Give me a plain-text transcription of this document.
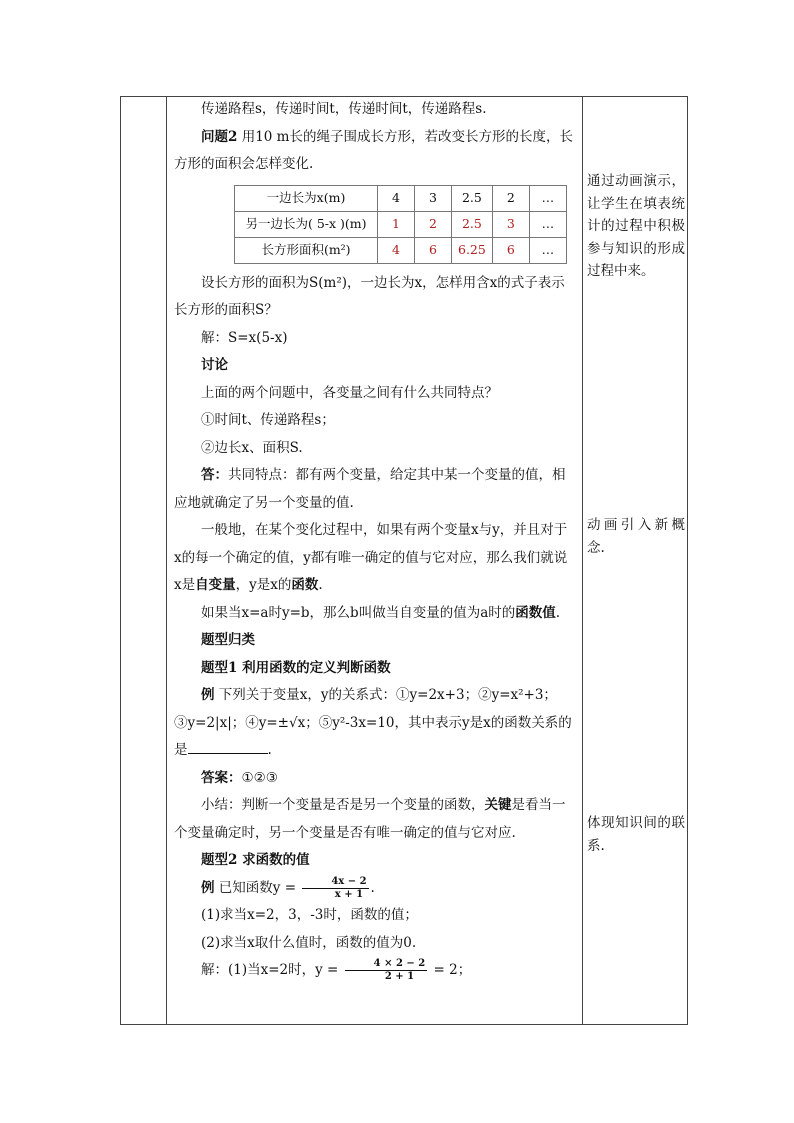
传递路程s，传递时间t，传递时间t，传递路程s.

问题2 用10 m长的绳子围成长方形，若改变长方形的长度，长方形的面积会怎样变化.

一边长为x(m)	4	3	2.5	2	…
另一边长为( 5-x )(m)	1	2	2.5	3	…
长方形面积(m²)	4	6	6.25	6	…

设长方形的面积为S(m²)，一边长为x，怎样用含x的式子表示长方形的面积S？

解：S=x(5-x)

讨论

上面的两个问题中，各变量之间有什么共同特点？

①时间t、传递路程s；

②边长x、面积S.

答：共同特点：都有两个变量，给定其中某一个变量的值，相应地就确定了另一个变量的值.

一般地，在某个变化过程中，如果有两个变量x与y，并且对于x的每一个确定的值，y都有唯一确定的值与它对应，那么我们就说x是自变量，y是x的函数.

如果当x=a时y=b，那么b叫做当自变量的值为a时的函数值.

题型归类

题型1 利用函数的定义判断函数

例 下列关于变量x，y的关系式：①y=2x+3；②y=x²+3；③y=2|x|；④y=±√x；⑤y²-3x=10，其中表示y是x的函数关系的是	.

答案：①②③

小结：判断一个变量是否是另一个变量的函数，关键是看当一个变量确定时，另一个变量是否有唯一确定的值与它对应.

题型2 求函数的值

例 已知函数$y = \frac{4x - 2}{x + 1}$ .

(1)求当x=2，3，-3时，函数的值；

(2)求当x取什么值时，函数的值为0.

解：(1)当x=2时，$y = \frac{4 \times 2 - 2}{2 + 1} = 2$；

通过动画演示，让学生在填表统计的过程中积极参与知识的形成过程中来。
动画引入新概念.
体现知识间的联系.
